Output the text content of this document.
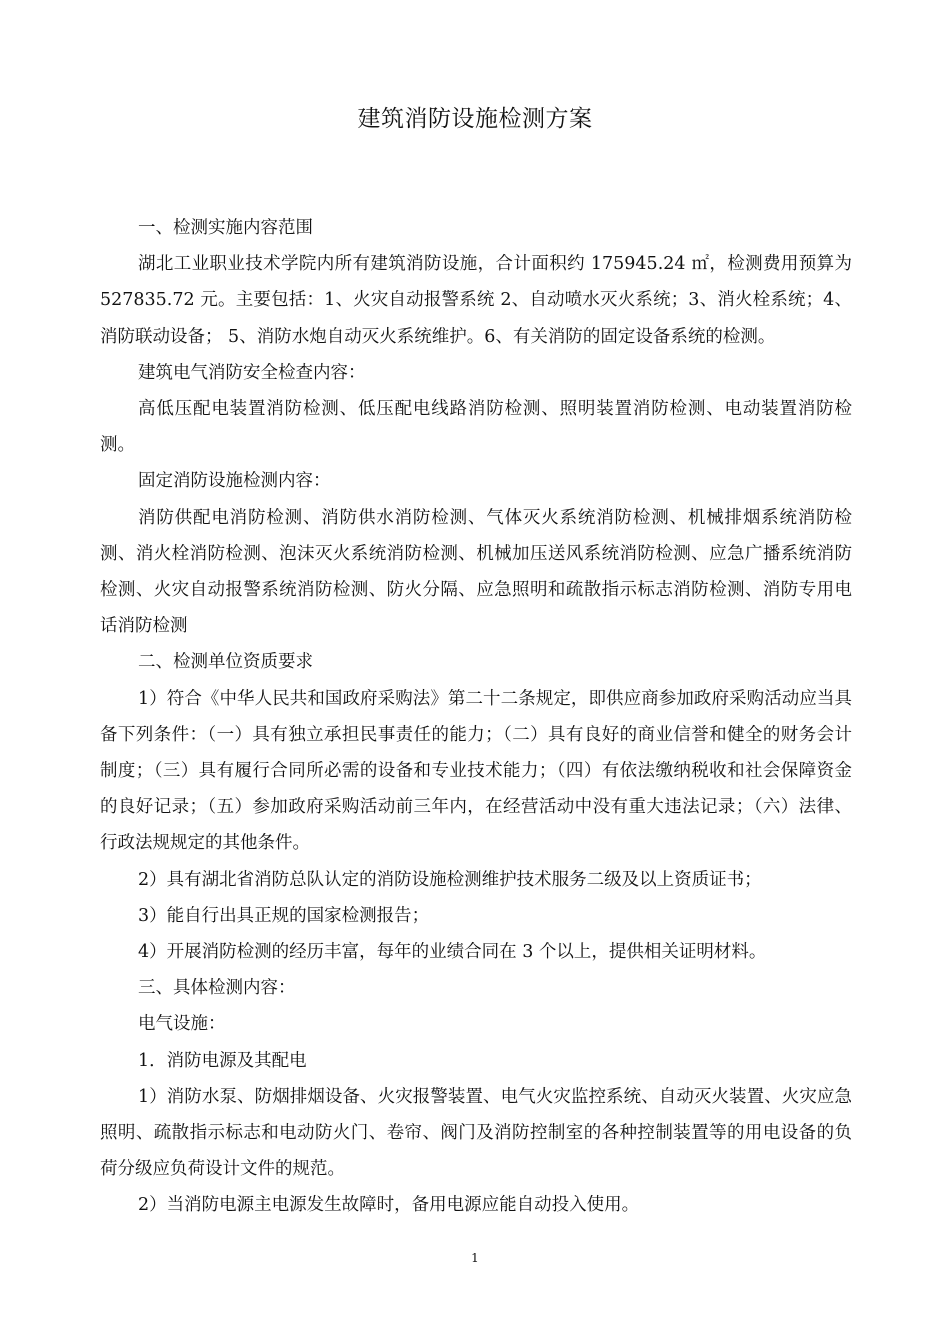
建筑消防设施检测方案

一、检测实施内容范围

湖北工业职业技术学院内所有建筑消防设施，合计面积约 175945.24 ㎡，检测费用预算为 527835.72 元。主要包括：1、火灾自动报警系统 2、自动喷水灭火系统；3、消火栓系统；4、消防联动设备； 5、消防水炮自动灭火系统维护。6、有关消防的固定设备系统的检测。

建筑电气消防安全检查内容：

高低压配电装置消防检测、低压配电线路消防检测、照明装置消防检测、电动装置消防检测。

固定消防设施检测内容：

消防供配电消防检测、消防供水消防检测、气体灭火系统消防检测、机械排烟系统消防检测、消火栓消防检测、泡沫灭火系统消防检测、机械加压送风系统消防检测、应急广播系统消防检测、火灾自动报警系统消防检测、防火分隔、应急照明和疏散指示标志消防检测、消防专用电话消防检测

二、检测单位资质要求

1）符合《中华人民共和国政府采购法》第二十二条规定，即供应商参加政府采购活动应当具备下列条件：（一）具有独立承担民事责任的能力；（二）具有良好的商业信誉和健全的财务会计制度；（三）具有履行合同所必需的设备和专业技术能力；（四）有依法缴纳税收和社会保障资金的良好记录；（五）参加政府采购活动前三年内，在经营活动中没有重大违法记录；（六）法律、行政法规规定的其他条件。

2）具有湖北省消防总队认定的消防设施检测维护技术服务二级及以上资质证书；

3）能自行出具正规的国家检测报告；

4）开展消防检测的经历丰富，每年的业绩合同在 3 个以上，提供相关证明材料。

三、具体检测内容：

电气设施：

1．消防电源及其配电

1）消防水泵、防烟排烟设备、火灾报警装置、电气火灾监控系统、自动灭火装置、火灾应急照明、疏散指示标志和电动防火门、卷帘、阀门及消防控制室的各种控制装置等的用电设备的负荷分级应负荷设计文件的规范。

2）当消防电源主电源发生故障时，备用电源应能自动投入使用。

1
